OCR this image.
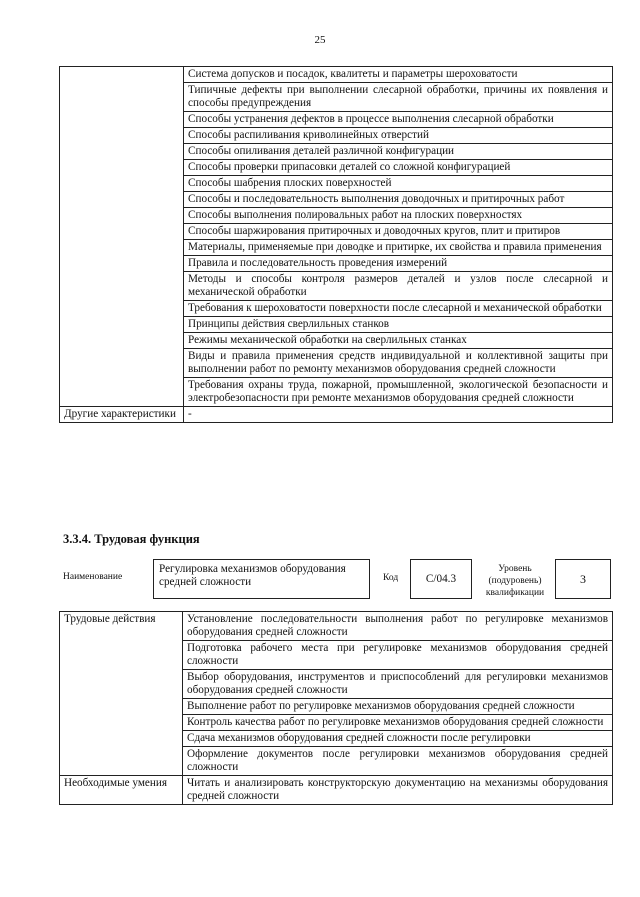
25
	Система допусков и посадок, квалитеты и параметры шероховатости
	Типичные дефекты при выполнении слесарной обработки, причины их появления и способы предупреждения
	Способы устранения дефектов в процессе выполнения слесарной обработки
	Способы распиливания криволинейных отверстий
	Способы опиливания деталей различной конфигурации
	Способы проверки припасовки деталей со сложной конфигурацией
	Способы шабрения плоских поверхностей
	Способы и последовательность выполнения доводочных и притирочных работ
	Способы выполнения полировальных работ на плоских поверхностях
	Способы шаржирования притирочных и доводочных кругов, плит и притиров
	Материалы, применяемые при доводке и притирке, их свойства и правила применения
	Правила и последовательность проведения измерений
	Методы и способы контроля размеров деталей и узлов после слесарной и механической обработки
	Требования к шероховатости поверхности после слесарной и механической обработки
	Принципы действия сверлильных станков
	Режимы механической обработки на сверлильных станках
	Виды и правила применения средств индивидуальной и коллективной защиты при выполнении работ по ремонту механизмов оборудования средней сложности
	Требования охраны труда, пожарной, промышленной, экологической безопасности и электробезопасности при ремонте механизмов оборудования средней сложности
Другие характеристики	-
3.3.4. Трудовая функция
Наименование
Регулировка механизмов оборудования средней сложности	Код	C/04.3
Уровень (подуровень) квалификации
3
Трудовые действия	Установление последовательности выполнения работ по регулировке механизмов оборудования средней сложности
	Подготовка рабочего места при регулировке механизмов оборудования средней сложности
	Выбор оборудования, инструментов и приспособлений для регулировки механизмов оборудования средней сложности
	Выполнение работ по регулировке механизмов оборудования средней сложности
	Контроль качества работ по регулировке механизмов оборудования средней сложности
	Сдача механизмов оборудования средней сложности после регулировки
	Оформление документов после регулировки механизмов оборудования средней сложности
Необходимые умения	Читать и анализировать конструкторскую документацию на механизмы оборудования средней сложности
